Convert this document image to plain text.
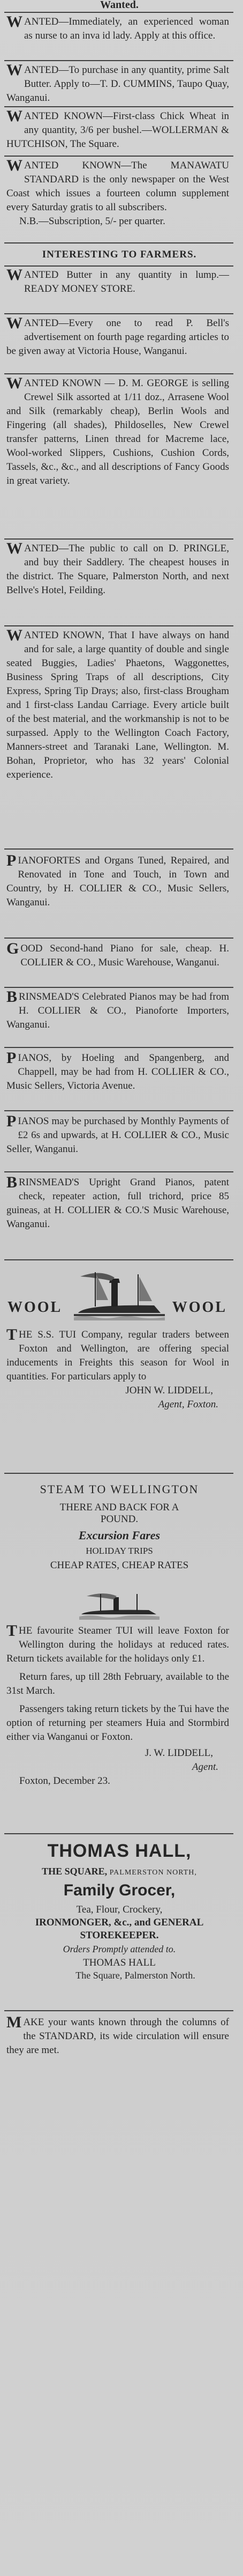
Wanted.

WANTED—Immediately, an experienced woman as nurse to an inva id lady. Apply at this office.

WANTED—To purchase in any quantity, prime Salt Butter. Apply to—T. D. CUMMINS, Taupo Quay, Wanganui.

WANTED KNOWN—First-class Chick Wheat in any quantity, 3/6 per bushel.—WOLLERMAN & HUTCHISON, The Square.

WANTED KNOWN—The MANAWATU STANDARD is the only newspaper on the West Coast which issues a fourteen column supplement every Saturday gratis to all subscribers.

N.B.—Subscription, 5/- per quarter.

INTERESTING TO FARMERS.

WANTED Butter in any quantity in lump.—READY MONEY STORE.

WANTED—Every one to read P. Bell's advertisement on fourth page regarding articles to be given away at Victoria House, Wanganui.

WANTED KNOWN — D. M. GEORGE is selling Crewel Silk assorted at 1/11 doz., Arrasene Wool and Silk (remarkably cheap), Berlin Wools and Fingering (all shades), Phildoselles, New Crewel transfer patterns, Linen thread for Macreme lace, Wool-worked Slippers, Cushions, Cushion Cords, Tassels, &c., &c., and all descriptions of Fancy Goods in great variety.

WANTED—The public to call on D. PRINGLE, and buy their Saddlery. The cheapest houses in the district. The Square, Palmerston North, and next Bellve's Hotel, Feilding.

WANTED KNOWN, That I have always on hand and for sale, a large quantity of double and single seated Buggies, Ladies' Phaetons, Waggonettes, Business Spring Traps of all descriptions, City Express, Spring Tip Drays; also, first-class Brougham and 1 first-class Landau Carriage. Every article built of the best material, and the workmanship is not to be surpassed. Apply to the Wellington Coach Factory, Manners-street and Taranaki Lane, Wellington. M. Bohan, Proprietor, who has 32 years' Colonial experience.

PIANOFORTES and Organs Tuned, Repaired, and Renovated in Tone and Touch, in Town and Country, by H. COLLIER & CO., Music Sellers, Wanganui.

GOOD Second-hand Piano for sale, cheap. H. COLLIER & CO., Music Warehouse, Wanganui.

BRINSMEAD'S Celebrated Pianos may be had from H. COLLIER & CO., Pianoforte Importers, Wanganui.

PIANOS, by Hoeling and Spangenberg, and Chappell, may be had from H. COLLIER & CO., Music Sellers, Victoria Avenue.

PIANOS may be purchased by Monthly Payments of £2 6s and upwards, at H. COLLIER & CO., Music Seller, Wanganui.

BRINSMEAD'S Upright Grand Pianos, patent check, repeater action, full trichord, price 85 guineas, at H. COLLIER & CO.'S Music Warehouse, Wanganui.

WOOL	WOOL

THE S.S. TUI Company, regular traders between Foxton and Wellington, are offering special inducements in Freights this season for Wool in quantities. For particulars apply to

JOHN W. LIDDELL,

Agent, Foxton.

STEAM TO WELLINGTON
THERE AND BACK FOR A
POUND.
Excursion Fares
HOLIDAY TRIPS
CHEAP RATES, CHEAP RATES

THE favourite Steamer TUI will leave Foxton for Wellington during the holidays at reduced rates. Return tickets available for the holidays only £1.

Return fares, up till 28th February, available to the 31st March.

Passengers taking return tickets by the Tui have the option of returning per steamers Huia and Stormbird either via Wanganui or Foxton.

J. W. LIDDELL,

Agent.

Foxton, December 23.

THOMAS HALL,
THE SQUARE, PALMERSTON NORTH,
Family Grocer,
Tea, Flour, Crockery,
IRONMONGER, &c., and GENERAL
STOREKEEPER.
Orders Promptly attended to.
THOMAS HALL
The Square, Palmerston North.

MAKE your wants known through the columns of the STANDARD, its wide circulation will ensure they are met.
